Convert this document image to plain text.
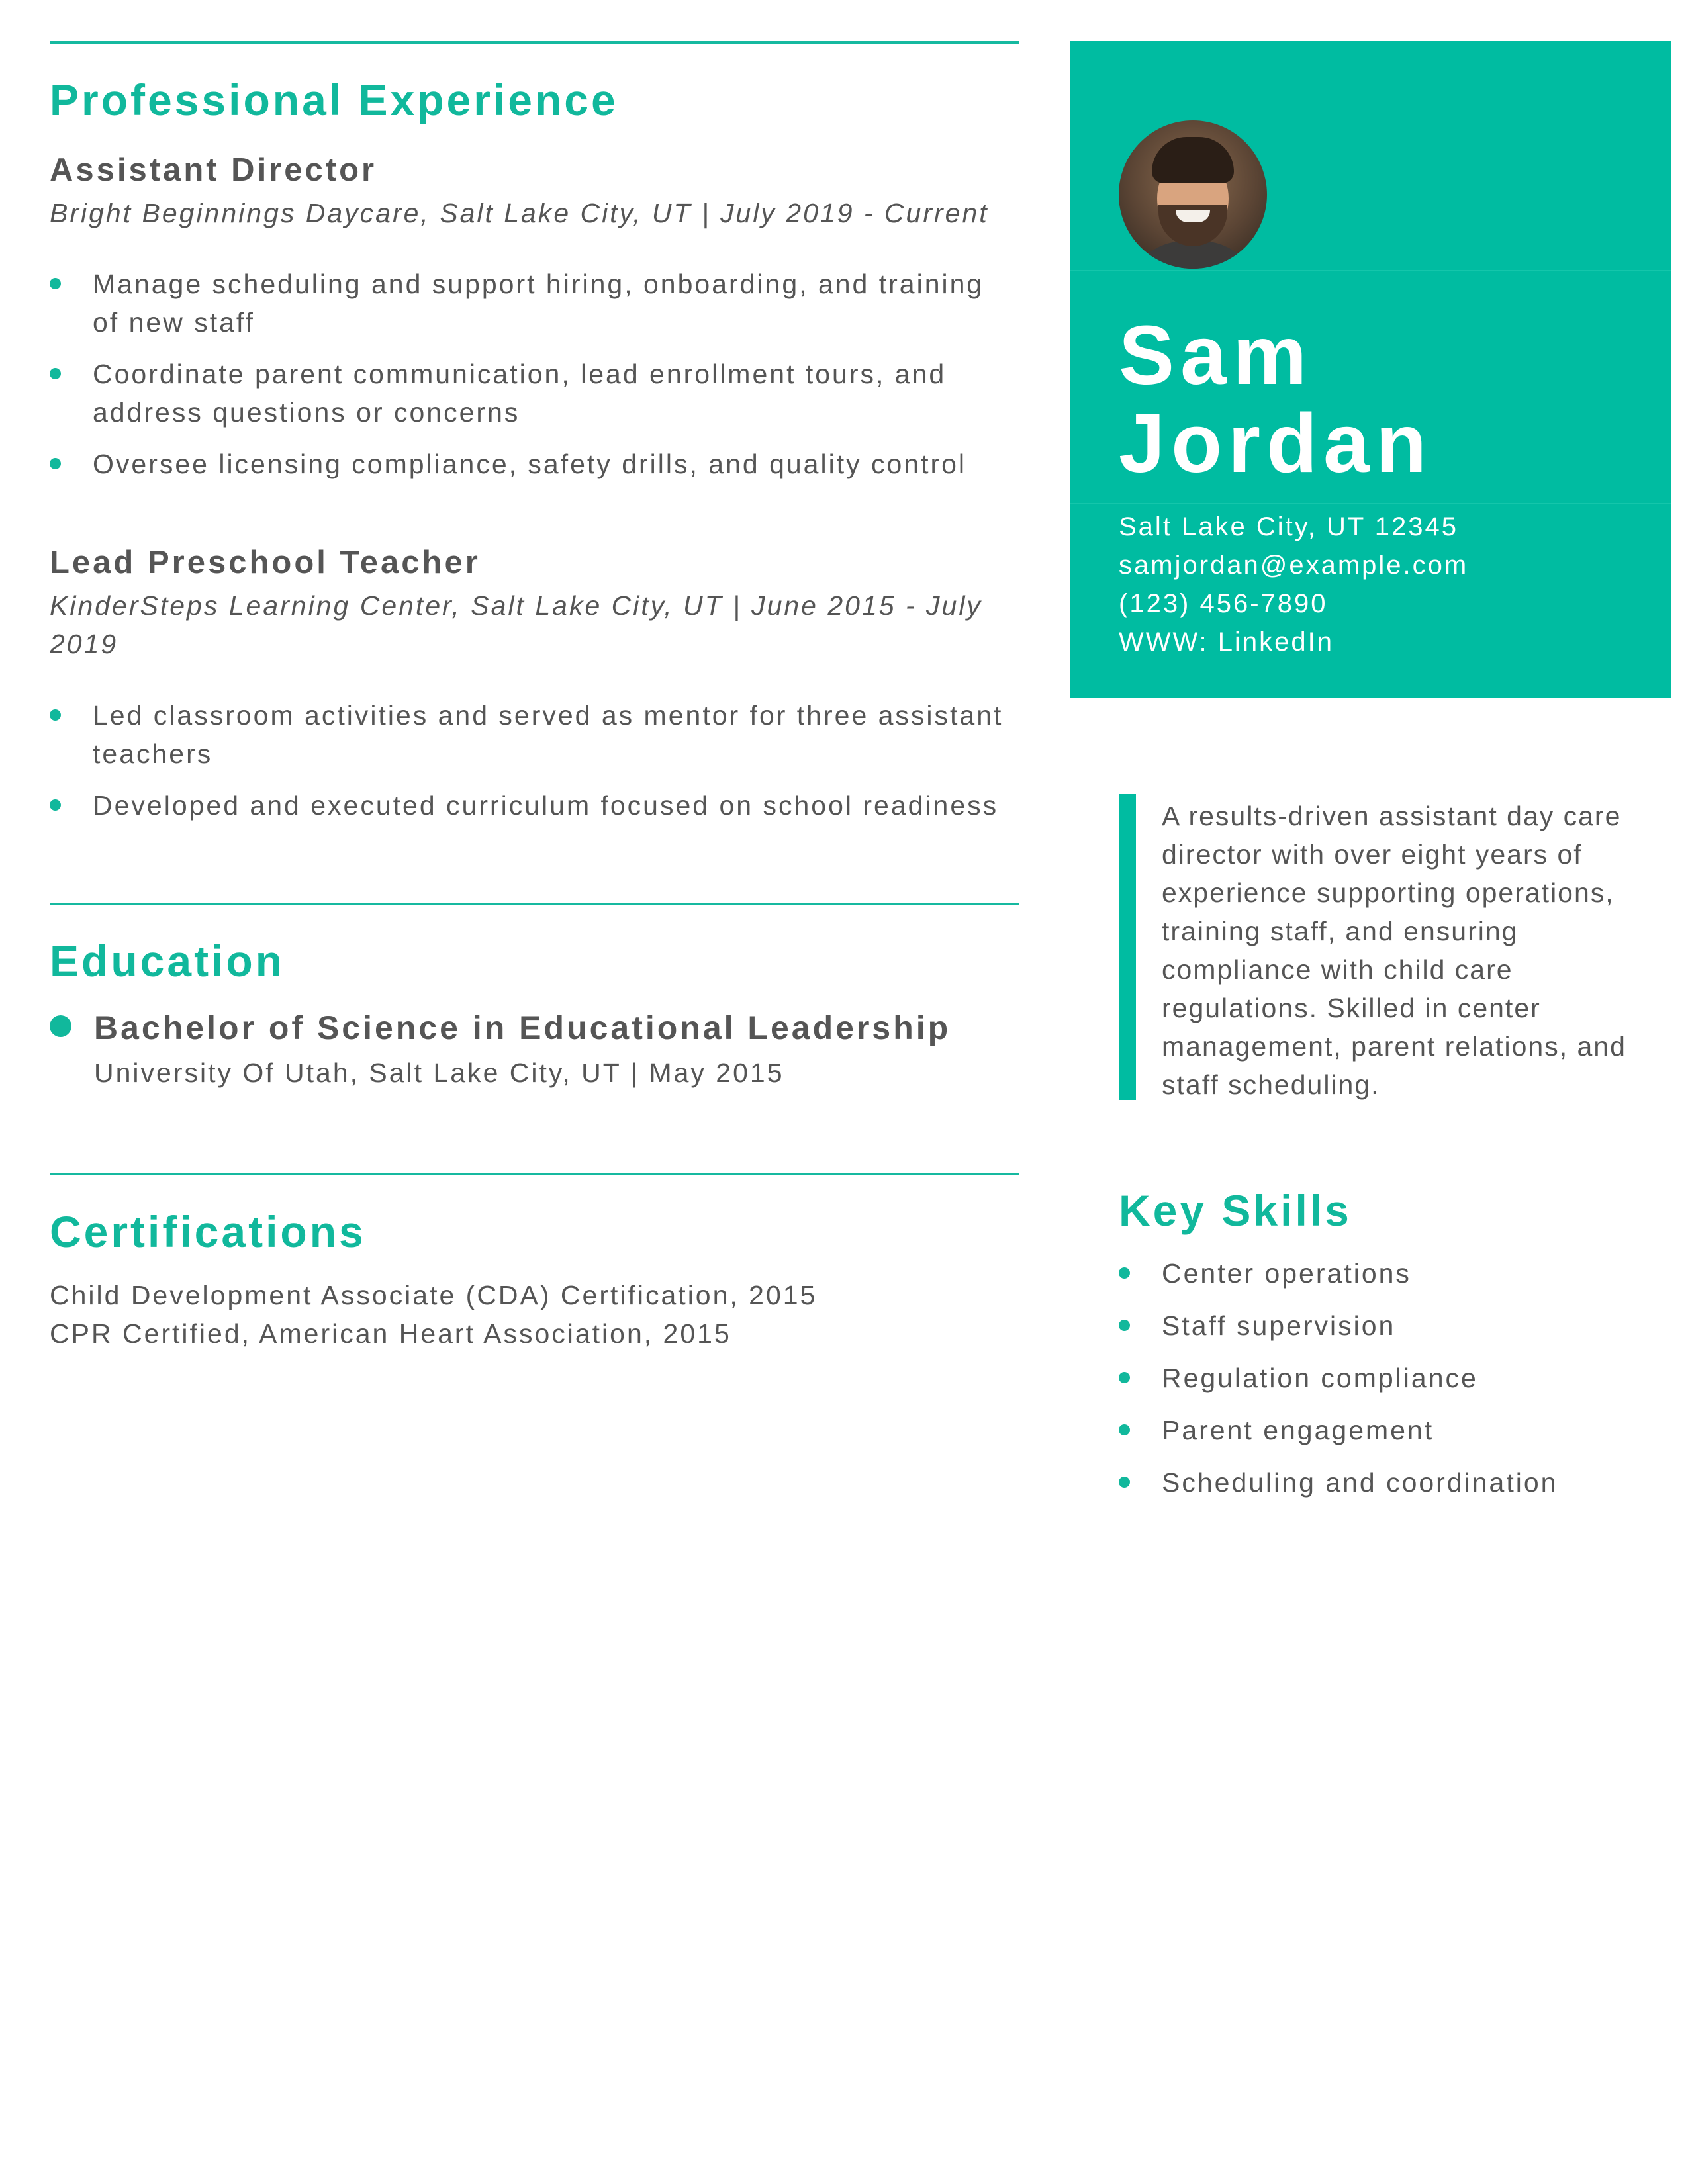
Professional Experience
Assistant Director

Bright Beginnings Daycare, Salt Lake City, UT | July 2019 - Current

Manage scheduling and support hiring, onboarding, and training of new staff
Coordinate parent communication, lead enrollment tours, and address questions or concerns
Oversee licensing compliance, safety drills, and quality control
Lead Preschool Teacher

KinderSteps Learning Center, Salt Lake City, UT | June 2015 - July 2019

Led classroom activities and served as mentor for three assistant teachers
Developed and executed curriculum focused on school readiness
Education

Bachelor of Science in Educational Leadership

University Of Utah, Salt Lake City, UT | May 2015

Certifications

Child Development Associate (CDA) Certification, 2015

CPR Certified, American Heart Association, 2015

Sam
Jordan

Salt Lake City, UT 12345

samjordan@example.com

(123) 456-7890

WWW: LinkedIn

A results-driven assistant day care director with over eight years of experience supporting operations, training staff, and ensuring compliance with child care regulations. Skilled in center management, parent relations, and staff scheduling.

Key Skills
Center operations
Staff supervision
Regulation compliance
Parent engagement
Scheduling and coordination
